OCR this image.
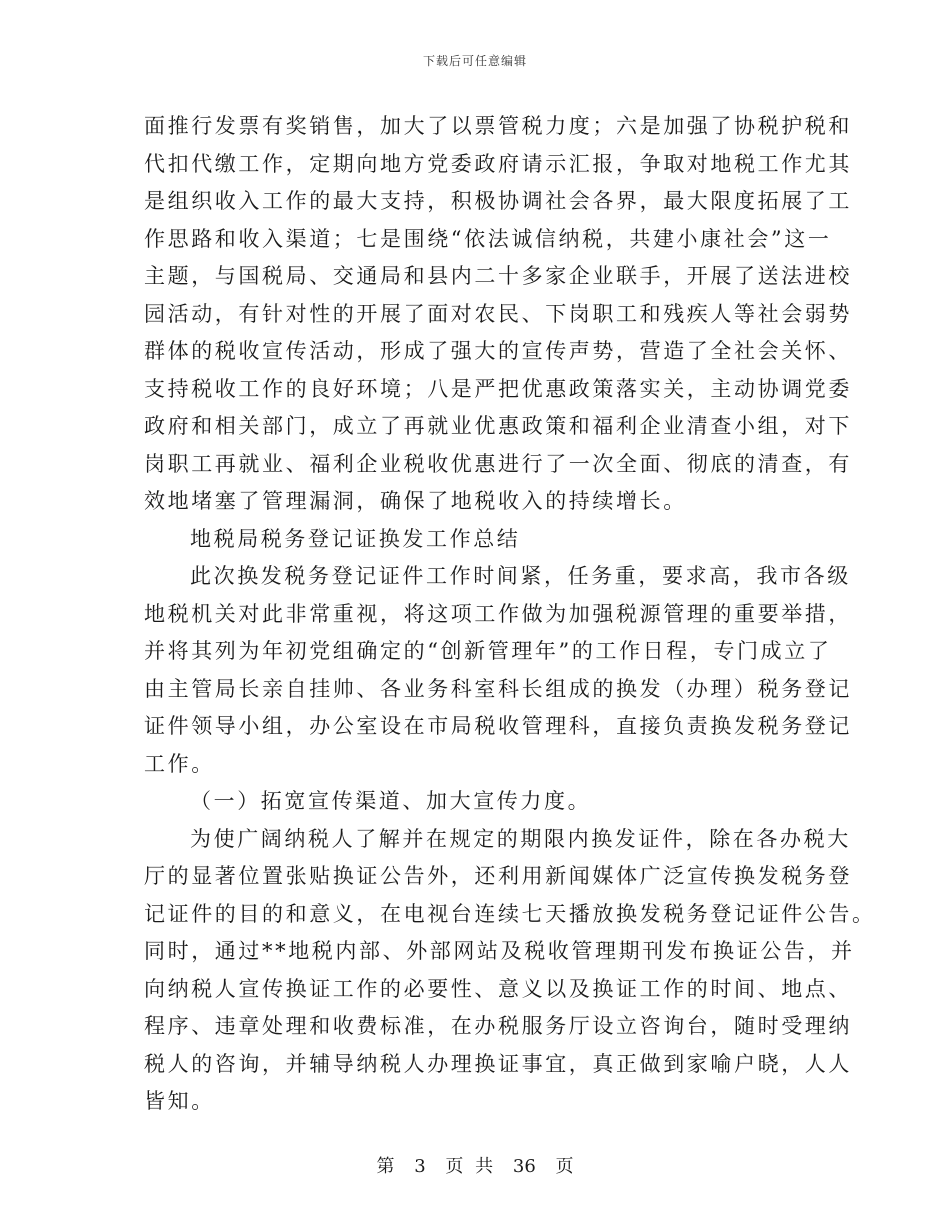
下载后可任意编辑
面推行发票有奖销售，加大了以票管税力度；六是加强了协税护税和
代扣代缴工作，定期向地方党委政府请示汇报，争取对地税工作尤其
是组织收入工作的最大支持，积极协调社会各界，最大限度拓展了工
作思路和收入渠道；七是围绕“依法诚信纳税，共建小康社会”这一
主题，与国税局、交通局和县内二十多家企业联手，开展了送法进校
园活动，有针对性的开展了面对农民、下岗职工和残疾人等社会弱势
群体的税收宣传活动，形成了强大的宣传声势，营造了全社会关怀、
支持税收工作的良好环境；八是严把优惠政策落实关，主动协调党委
政府和相关部门，成立了再就业优惠政策和福利企业清查小组，对下
岗职工再就业、福利企业税收优惠进行了一次全面、彻底的清查，有
效地堵塞了管理漏洞，确保了地税收入的持续增长。
地税局税务登记证换发工作总结
此次换发税务登记证件工作时间紧，任务重，要求高，我市各级
地税机关对此非常重视，将这项工作做为加强税源管理的重要举措，
并将其列为年初党组确定的“创新管理年”的工作日程，专门成立了
由主管局长亲自挂帅、各业务科室科长组成的换发（办理）税务登记
证件领导小组，办公室设在市局税收管理科，直接负责换发税务登记
工作。
（一）拓宽宣传渠道、加大宣传力度。
为使广阔纳税人了解并在规定的期限内换发证件，除在各办税大
厅的显著位置张贴换证公告外，还利用新闻媒体广泛宣传换发税务登
记证件的目的和意义，在电视台连续七天播放换发税务登记证件公告。
同时，通过**地税内部、外部网站及税收管理期刊发布换证公告，并
向纳税人宣传换证工作的必要性、意义以及换证工作的时间、地点、
程序、违章处理和收费标准，在办税服务厅设立咨询台，随时受理纳
税人的咨询，并辅导纳税人办理换证事宜，真正做到家喻户晓，人人
皆知。
第 3 页 共 36 页
